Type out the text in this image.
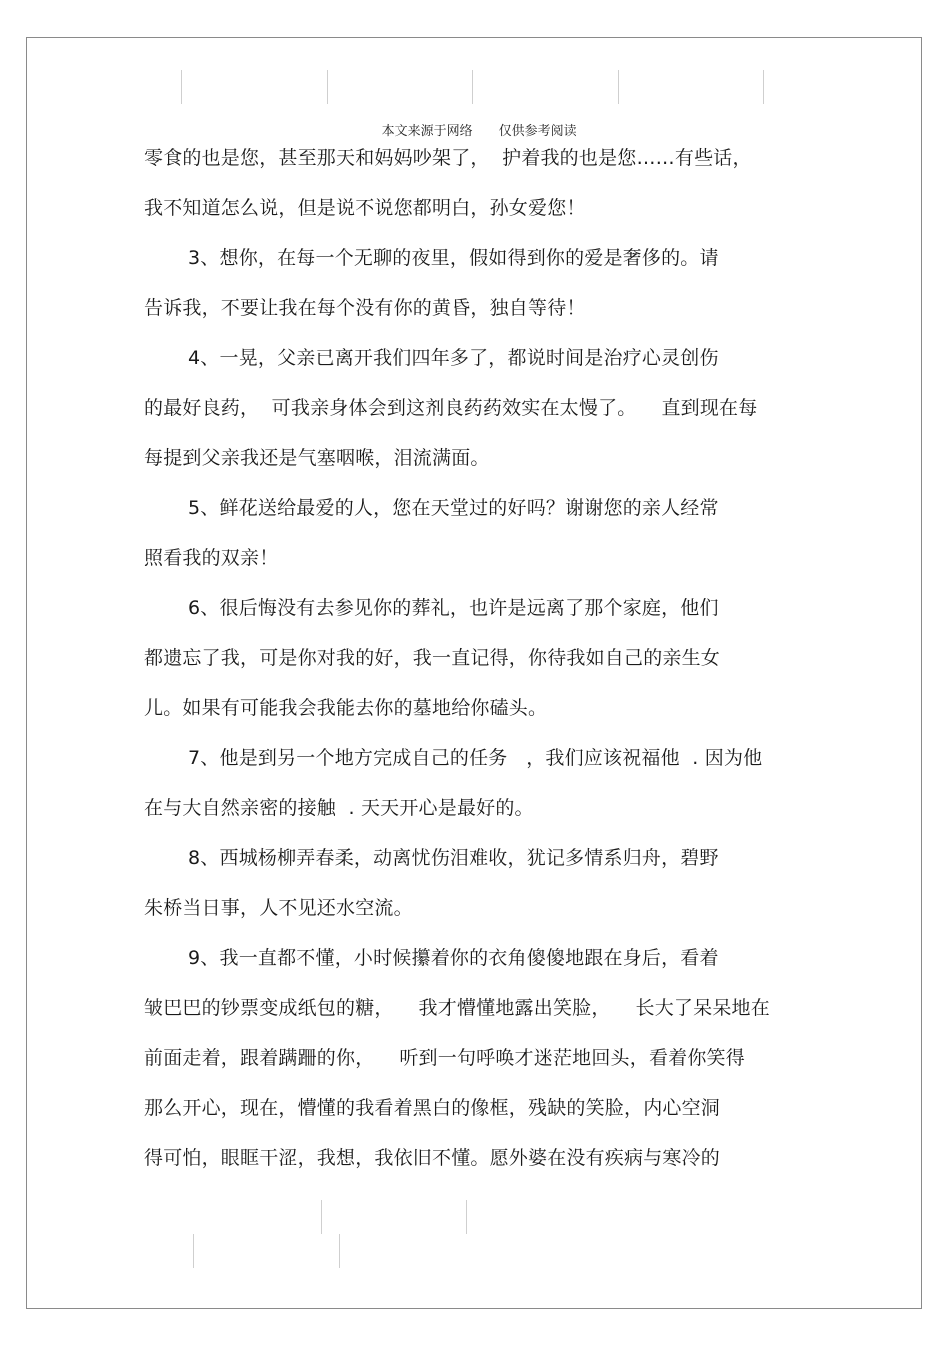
本文来源于网络 仅供参考阅读

零食的也是您，甚至那天和妈妈吵架了，  护着我的也是您……有些话，
我不知道怎么说，但是说不说您都明白，孙女爱您！
3、想你，在每一个无聊的夜里，假如得到你的爱是奢侈的。请
告诉我，不要让我在每个没有你的黄昏，独自等待！
4、一晃，父亲已离开我们四年多了，都说时间是治疗心灵创伤
的最好良药，  可我亲身体会到这剂良药药效实在太慢了。    直到现在每
每提到父亲我还是气塞咽喉，泪流满面。
5、鲜花送给最爱的人，您在天堂过的好吗？谢谢您的亲人经常
照看我的双亲！
6、很后悔没有去参见你的葬礼，也许是远离了那个家庭，他们
都遗忘了我，可是你对我的好，我一直记得，你待我如自己的亲生女
儿。如果有可能我会我能去你的墓地给你磕头。
7、他是到另一个地方完成自己的任务   ，我们应该祝福他  . 因为他
在与大自然亲密的接触  . 天天开心是最好的。
8、西城杨柳弄春柔，动离忧伤泪难收，犹记多情系归舟，碧野
朱桥当日事，人不见还水空流。
9、我一直都不懂，小时候攥着你的衣角傻傻地跟在身后，看着
皱巴巴的钞票变成纸包的糖，    我才懵懂地露出笑脸，    长大了呆呆地在
前面走着，跟着蹒跚的你，    听到一句呼唤才迷茫地回头，看着你笑得
那么开心，现在，懵懂的我看着黑白的像框，残缺的笑脸，内心空洞
得可怕，眼眶干涩，我想，我依旧不懂。愿外婆在没有疾病与寒冷的
